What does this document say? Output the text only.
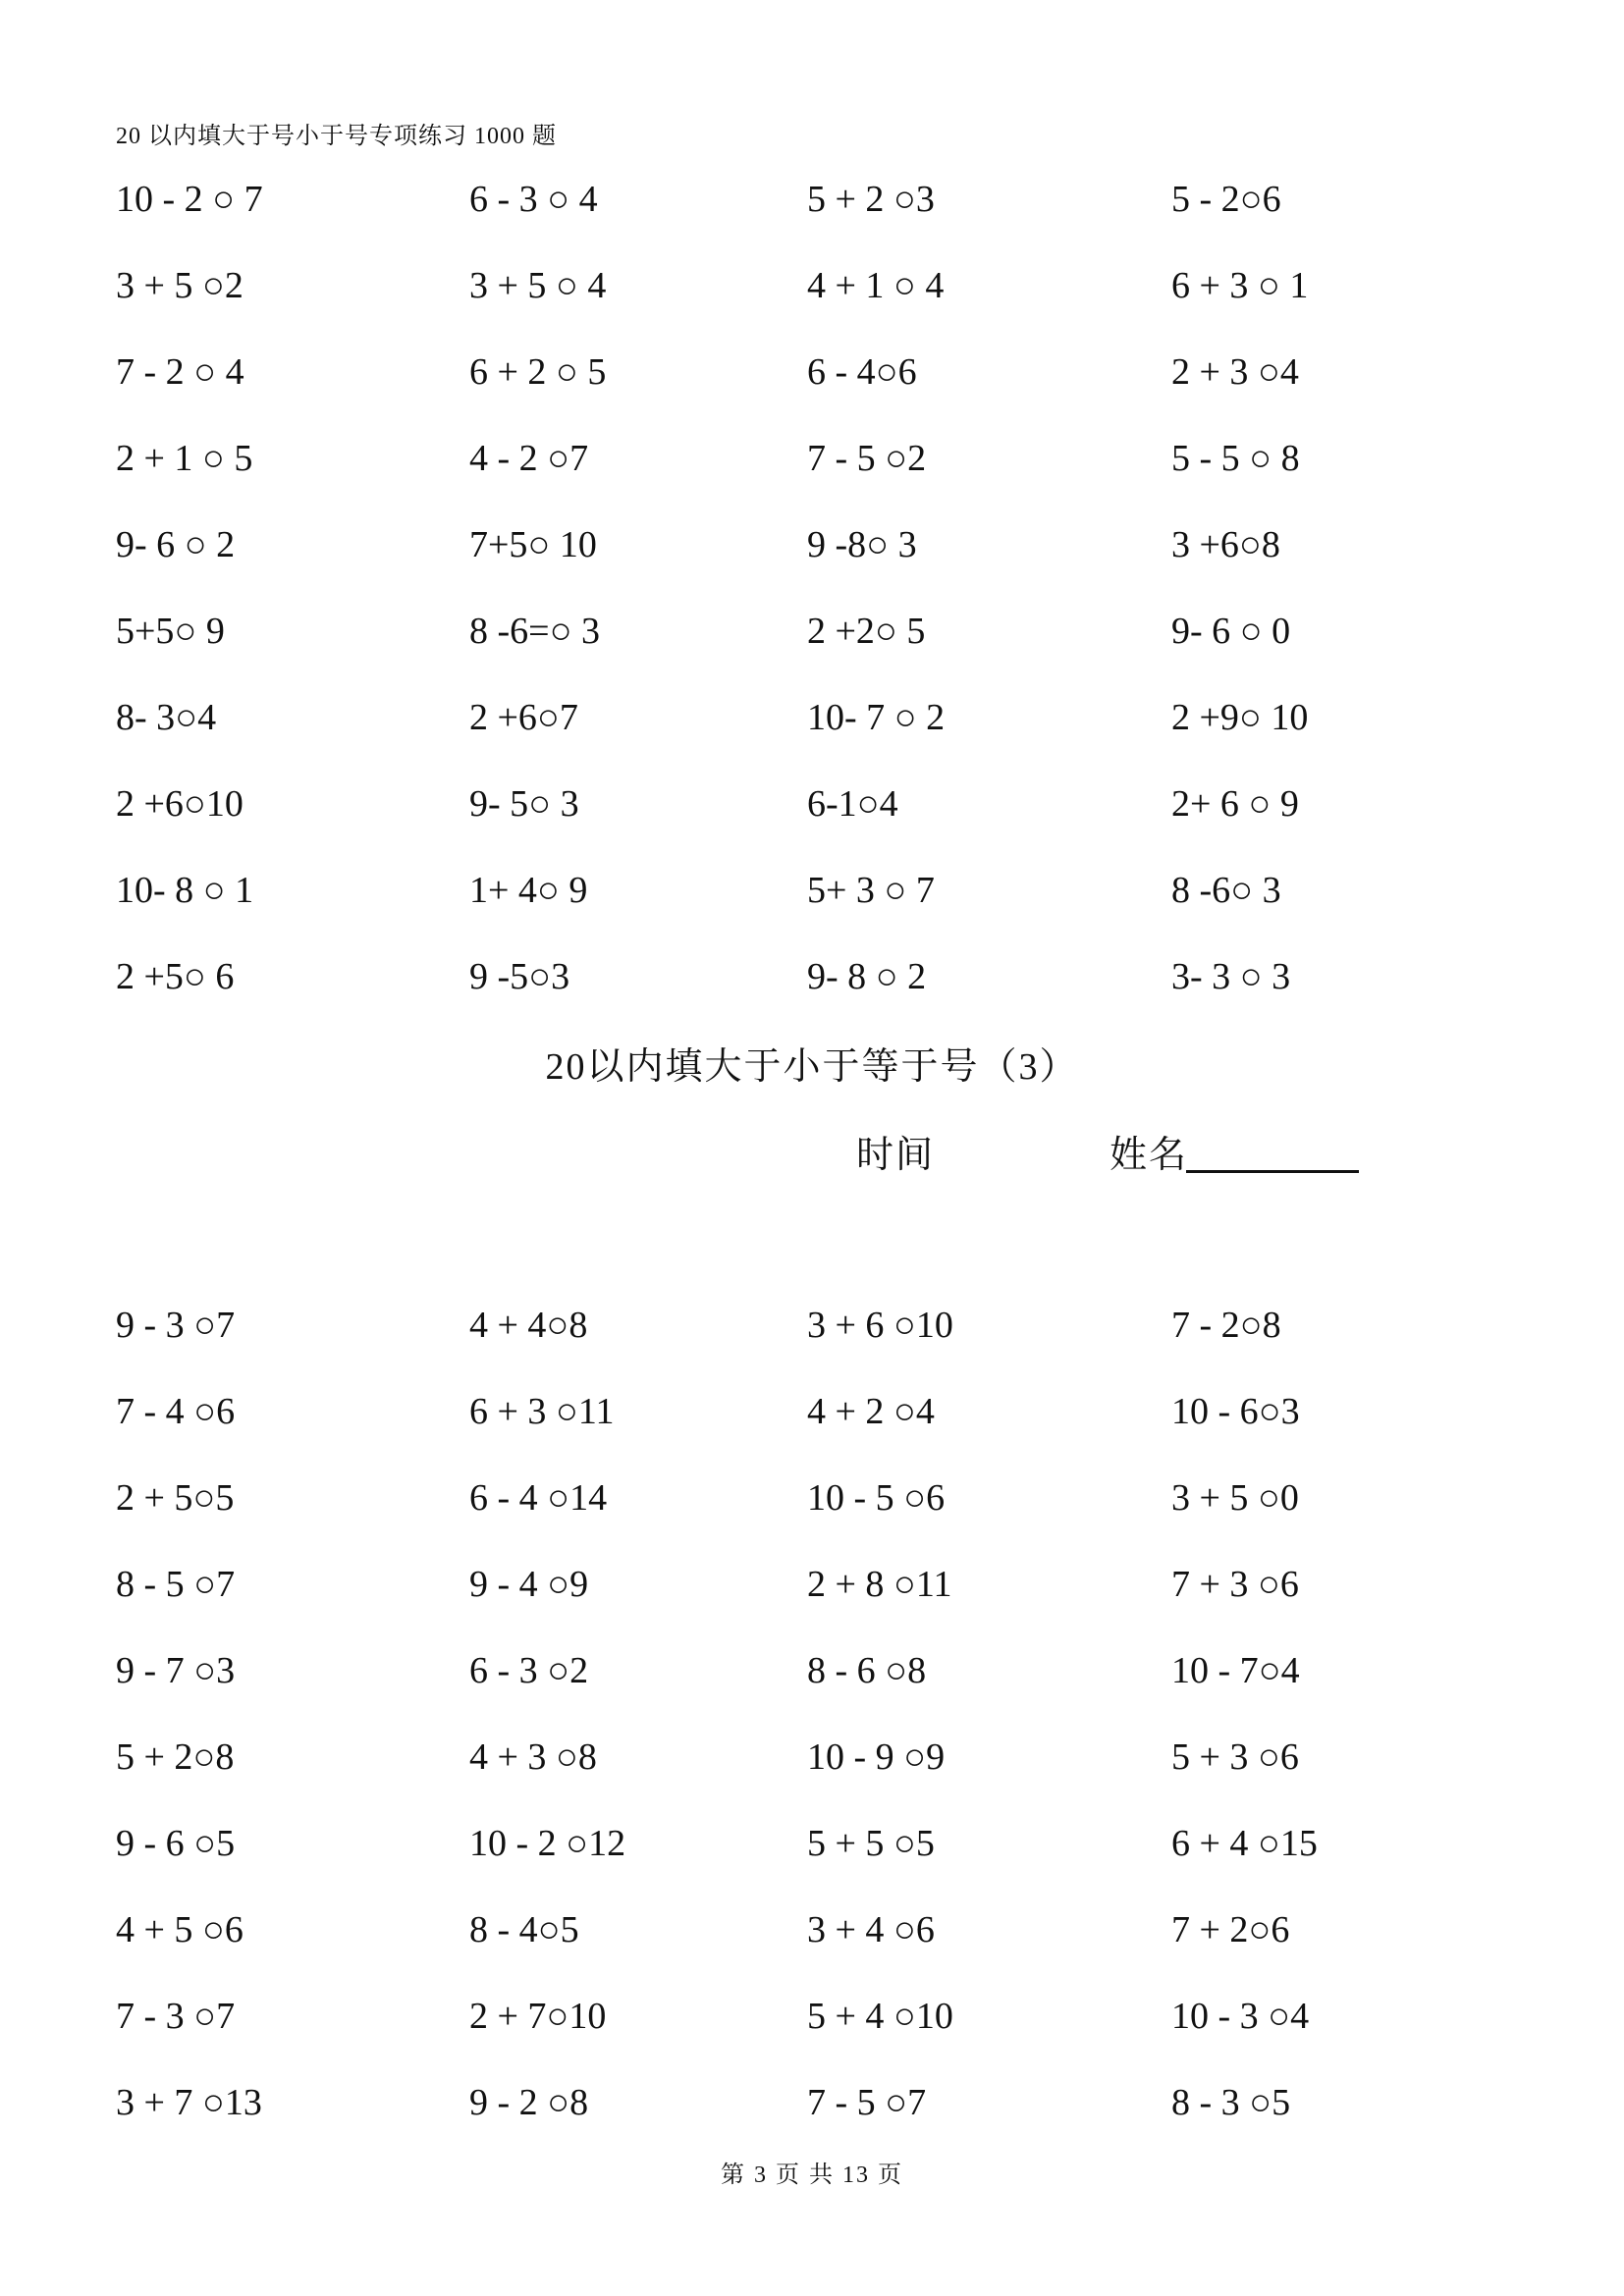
20 以内填大于号小于号专项练习 1000 题
10 - 2 ○ 7	6 - 3 ○ 4	5 + 2 ○3	5 - 2○6
3 + 5 ○2	3 + 5 ○ 4	4 + 1 ○ 4	6 + 3 ○ 1
7 - 2 ○ 4	6 + 2 ○ 5	6 - 4○6	2 + 3 ○4
2 + 1 ○ 5	4 - 2 ○7	7 - 5 ○2	5 - 5 ○ 8
9- 6 ○ 2	7+5○ 10	9 -8○ 3	3 +6○8
5+5○ 9	8 -6=○ 3	2 +2○ 5	9- 6 ○ 0
8- 3○4	2 +6○7	10- 7 ○ 2	2 +9○ 10
2 +6○10	9- 5○ 3	6-1○4	2+ 6 ○ 9
10- 8 ○ 1	1+ 4○ 9	5+ 3 ○ 7	8 -6○ 3
2 +5○ 6	9 -5○3	9- 8 ○ 2	3- 3 ○ 3
20以内填大于小于等于号（3）
时间	姓名
9 - 3 ○7	4 + 4○8	3 + 6 ○10	7 - 2○8
7 - 4 ○6	6 + 3 ○11	4 + 2 ○4	10 - 6○3
2 + 5○5	6 - 4 ○14	10 - 5 ○6	3 + 5 ○0
8 - 5 ○7	9 - 4 ○9	2 + 8 ○11	7 + 3 ○6
9 - 7 ○3	6 - 3 ○2	8 - 6 ○8	10 - 7○4
5 + 2○8	4 + 3 ○8	10 - 9 ○9	5 + 3 ○6
9 - 6 ○5	10 - 2 ○12	5 + 5 ○5	6 + 4 ○15
4 + 5 ○6	8 - 4○5	3 + 4 ○6	7 + 2○6
7 - 3 ○7	2 + 7○10	5 + 4 ○10	10 - 3 ○4
3 + 7 ○13	9 - 2 ○8	7 - 5 ○7	8 - 3 ○5
第 3 页 共 13 页
